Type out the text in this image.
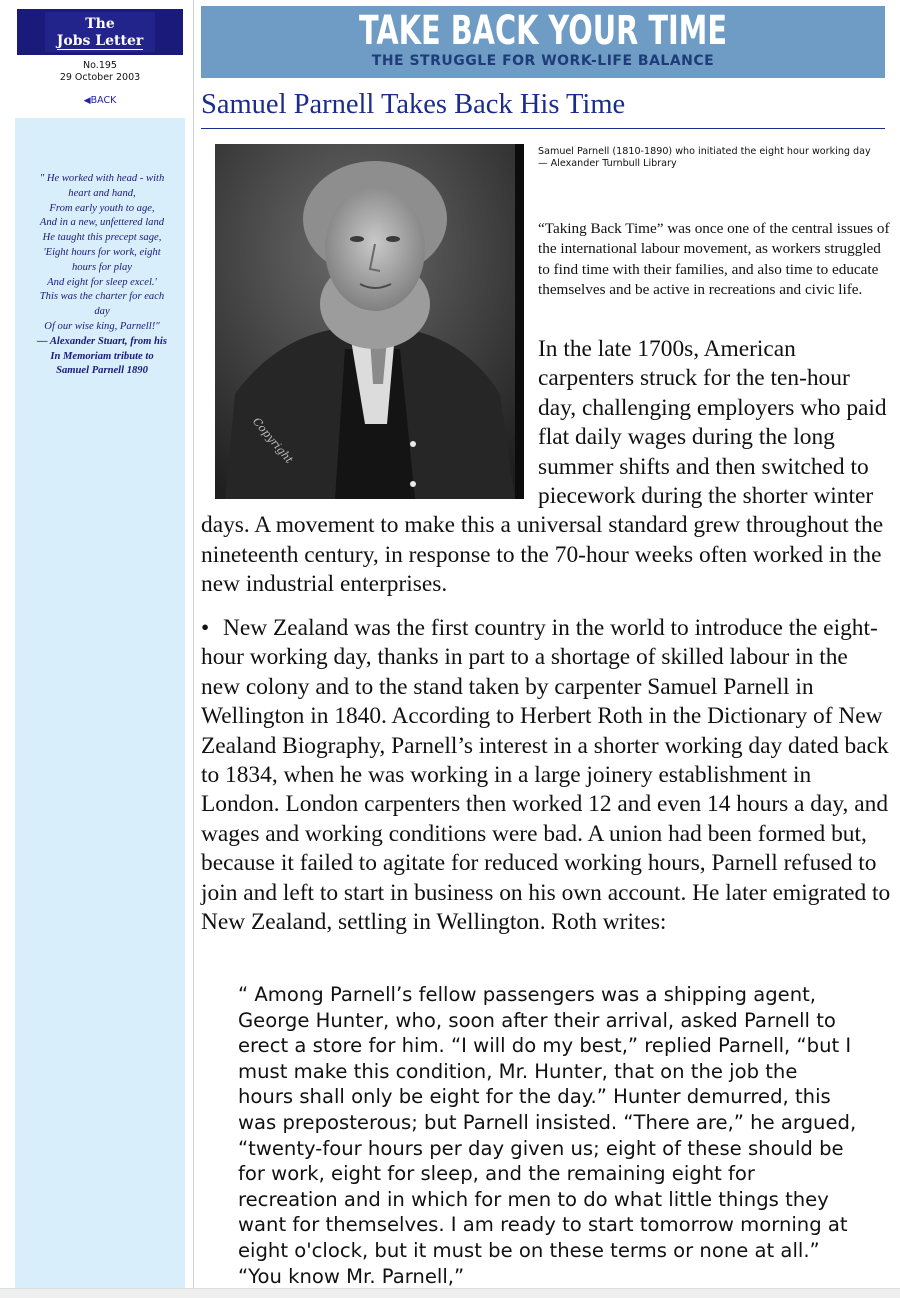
The
Jobs Letter
No.195
29 October 2003
◀BACK
" He worked with head - with
heart and hand,
From early youth to age,
And in a new, unfettered land
He taught this precept sage,
'Eight hours for work, eight
hours for play
And eight for sleep excel.'
This was the charter for each
day
Of our wise king, Parnell!"
— Alexander Stuart, from his
In Memoriam tribute to
Samuel Parnell 1890
TAKE BACK YOUR TIME
THE STRUGGLE FOR WORK-LIFE BALANCE
Samuel Parnell Takes Back His Time
Copyright
Samuel Parnell (1810-1890) who initiated the eight hour working day — Alexander Turnbull Library
“Taking Back Time” was once one of the central issues of the international labour movement, as workers struggled to find time with their families, and also time to educate themselves and be active in recreations and civic life.
In the late 1700s, American carpenters struck for the ten-hour day, challenging employers who paid flat daily wages during the long summer shifts and then switched to piecework during the shorter winter days. A movement to make this a universal standard grew throughout the nineteenth century, in response to the 70-hour weeks often worked in the new industrial enterprises.
• New Zealand was the first country in the world to introduce the eight-hour working day, thanks in part to a shortage of skilled labour in the new colony and to the stand taken by carpenter Samuel Parnell in Wellington in 1840. According to Herbert Roth in the Dictionary of New Zealand Biography, Parnell’s interest in a shorter working day dated back to 1834, when he was working in a large joinery establishment in London. London carpenters then worked 12 and even 14 hours a day, and wages and working conditions were bad. A union had been formed but, because it failed to agitate for reduced working hours, Parnell refused to join and left to start in business on his own account. He later emigrated to New Zealand, settling in Wellington. Roth writes:
“ Among Parnell’s fellow passengers was a shipping agent, George Hunter, who, soon after their arrival, asked Parnell to erect a store for him. “I will do my best,” replied Parnell, “but I must make this condition, Mr. Hunter, that on the job the hours shall only be eight for the day.” Hunter demurred, this was preposterous; but Parnell insisted. “There are,” he argued, “twenty-four hours per day given us; eight of these should be for work, eight for sleep, and the remaining eight for recreation and in which for men to do what little things they want for themselves. I am ready to start tomorrow morning at eight o'clock, but it must be on these terms or none at all.” “You know Mr. Parnell,”
